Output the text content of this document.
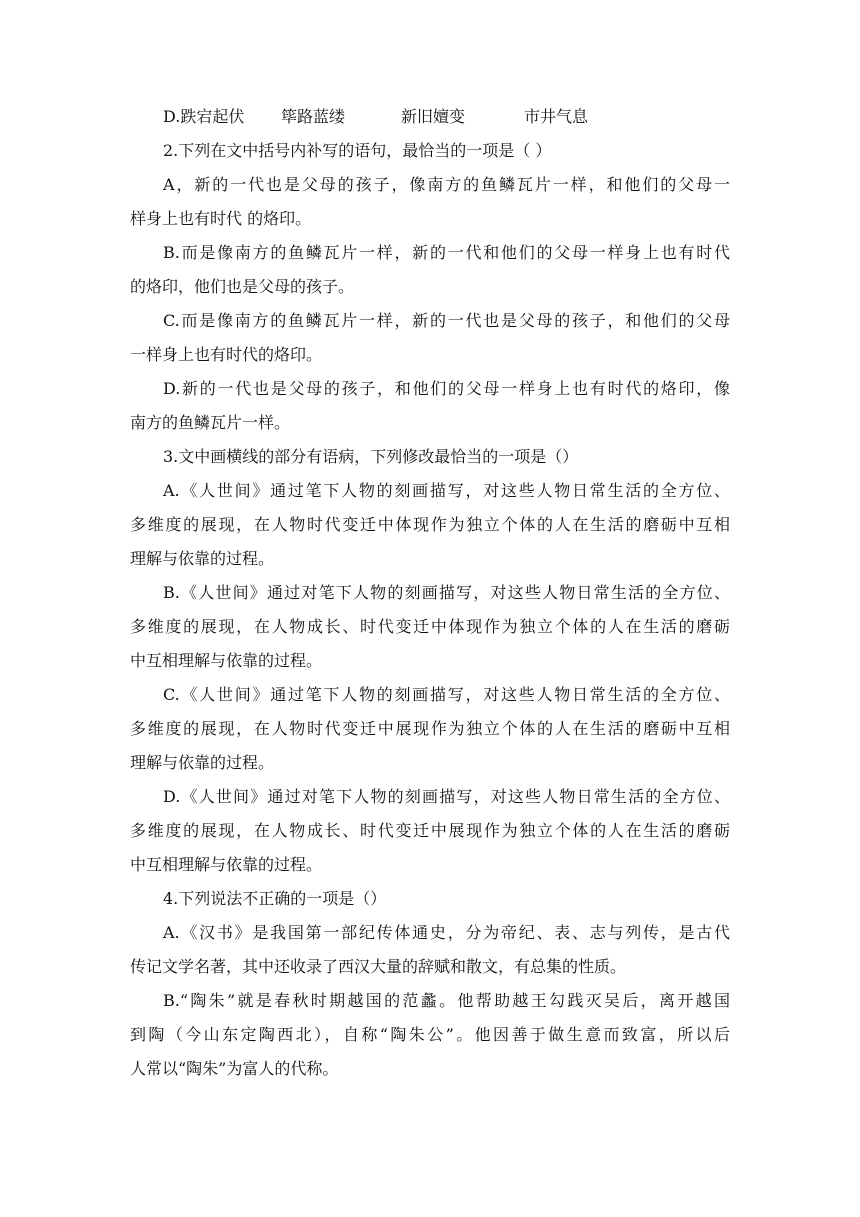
D.跌宕起伏	筚路蓝缕	新旧嬗变	市井气息
2.下列在文中括号内补写的语句，最恰当的一项是（ ）
A，新的一代也是父母的孩子，像南方的鱼鳞瓦片一样，和他们的父母一
样身上也有时代 的烙印。
B.而是像南方的鱼鳞瓦片一样，新的一代和他们的父母一样身上也有时代
的烙印，他们也是父母的孩子。
C.而是像南方的鱼鳞瓦片一样，新的一代也是父母的孩子，和他们的父母
一样身上也有时代的烙印。
D.新的一代也是父母的孩子，和他们的父母一样身上也有时代的烙印，像
南方的鱼鳞瓦片一样。
3.文中画横线的部分有语病，下列修改最恰当的一项是（）
A.《人世间》通过笔下人物的刻画描写，对这些人物日常生活的全方位、
多维度的展现，在人物时代变迁中体现作为独立个体的人在生活的磨砺中互相
理解与依靠的过程。
B.《人世间》通过对笔下人物的刻画描写，对这些人物日常生活的全方位、
多维度的展现，在人物成长、时代变迁中体现作为独立个体的人在生活的磨砺
中互相理解与依靠的过程。
C.《人世间》通过笔下人物的刻画描写，对这些人物日常生活的全方位、
多维度的展现，在人物时代变迁中展现作为独立个体的人在生活的磨砺中互相
理解与依靠的过程。
D.《人世间》通过对笔下人物的刻画描写，对这些人物日常生活的全方位、
多维度的展现，在人物成长、时代变迁中展现作为独立个体的人在生活的磨砺
中互相理解与依靠的过程。
4.下列说法不正确的一项是（）
A.《汉书》是我国第一部纪传体通史，分为帝纪、表、志与列传，是古代
传记文学名著，其中还收录了西汉大量的辞赋和散文，有总集的性质。
B.“陶朱”就是春秋时期越国的范蠡。他帮助越王勾践灭吴后，离开越国
到陶（今山东定陶西北），自称“陶朱公”。他因善于做生意而致富，所以后
人常以“陶朱”为富人的代称。
